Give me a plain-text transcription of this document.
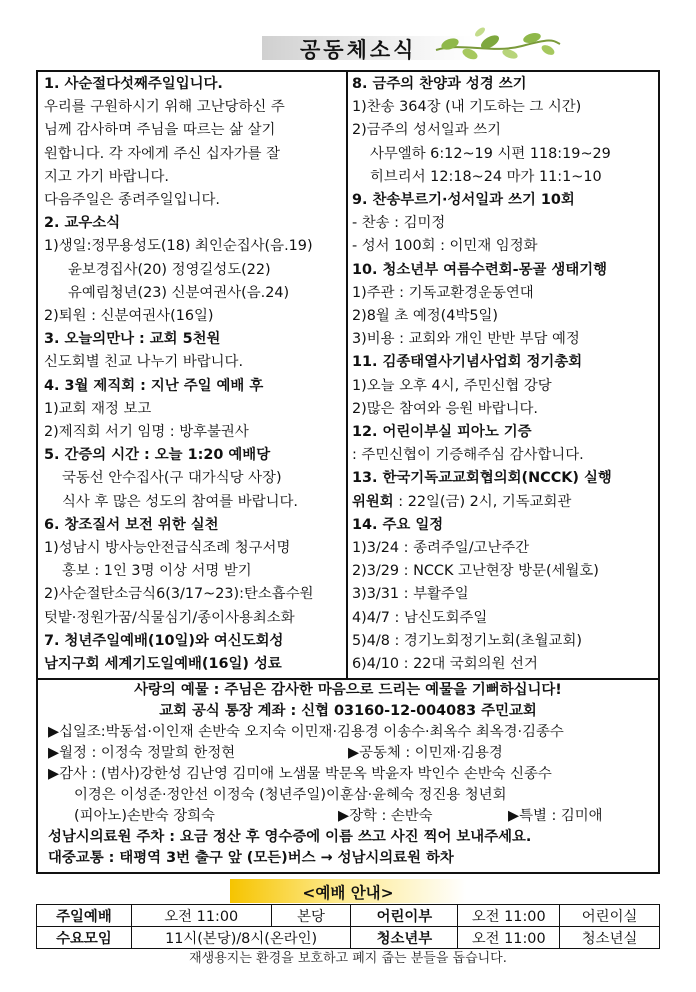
공동체소식
1. 사순절다섯째주일입니다.
우리를 구원하시기 위해 고난당하신 주
님께 감사하며 주님을 따르는 삶 살기
원합니다. 각 자에게 주신 십자가를 잘
지고 가기 바랍니다.
다음주일은 종려주일입니다.
2. 교우소식
1)생일:정무용성도(18) 최인순집사(음.19)
윤보경집사(20) 정영길성도(22)
유예림청년(23) 신분여권사(음.24)
2)퇴원 : 신분여권사(16일)
3. 오늘의만나 : 교회 5천원
신도회별 친교 나누기 바랍니다.
4. 3월 제직회 : 지난 주일 예배 후
1)교회 재정 보고
2)제직회 서기 임명 : 방후불권사
5. 간증의 시간 : 오늘 1:20 예배당
국동선 안수집사(구 대가식당 사장)
식사 후 많은 성도의 참여를 바랍니다.
6. 창조질서 보전 위한 실천
1)성남시 방사능안전급식조례 청구서명
홍보 : 1인 3명 이상 서명 받기
2)사순절탄소금식6(3/17~23):탄소흡수원
텃밭·정원가꿈/식물심기/종이사용최소화
7. 청년주일예배(10일)와 여신도회성
남지구회 세계기도일예배(16일) 성료
8. 금주의 찬양과 성경 쓰기
1)찬송 364장 (내 기도하는 그 시간)
2)금주의 성서일과 쓰기
사무엘하 6:12~19 시편 118:19~29
히브리서 12:18~24 마가 11:1~10
9. 찬송부르기·성서일과 쓰기 10회
- 찬송 : 김미정
- 성서 100회 : 이민재 임정화
10. 청소년부 여름수련회-몽골 생태기행
1)주관 : 기독교환경운동연대
2)8월 초 예정(4박5일)
3)비용 : 교회와 개인 반반 부담 예정
11. 김종태열사기념사업회 정기총회
1)오늘 오후 4시, 주민신협 강당
2)많은 참여와 응원 바랍니다.
12. 어린이부실 피아노 기증
: 주민신협이 기증해주심 감사합니다.
13. 한국기독교교회협의회(NCCK) 실행
위원회 : 22일(금) 2시, 기독교회관
14. 주요 일정
1)3/24 : 종려주일/고난주간
2)3/29 : NCCK 고난현장 방문(세월호)
3)3/31 : 부활주일
4)4/7 : 남신도회주일
5)4/8 : 경기노회정기노회(초월교회)
6)4/10 : 22대 국회의원 선거
사랑의 예물 : 주님은 감사한 마음으로 드리는 예물을 기뻐하십니다!
교회 공식 통장 계좌 : 신협 03160-12-004083 주민교회
▶십일조:박동섭·이인재 손반숙 오지숙 이민재·김용경 이송수·최옥수 최옥경·김종수
▶월정 : 이정숙 정말희 한정현	▶공동체 : 이민재·김용경
▶감사 : (범사)강한성 김난영 김미애 노샘물 박문옥 박윤자 박인수 손반숙 신종수
이경은 이성준·정안선 이정숙 (청년주일)이훈삼·윤혜숙 정진용 청년회
(피아노)손반숙 장희숙	▶장학 : 손반숙	▶특별 : 김미애
성남시의료원 주차 : 요금 정산 후 영수증에 이름 쓰고 사진 찍어 보내주세요.
대중교통 : 태평역 3번 출구 앞 (모든)버스 → 성남시의료원 하차
<예배 안내>
주일예배	오전 11:00	본당	어린이부	오전 11:00	어린이실
수요모임	11시(본당)/8시(온라인)		청소년부	오전 11:00	청소년실
재생용지는 환경을 보호하고 폐지 줍는 분들을 돕습니다.
